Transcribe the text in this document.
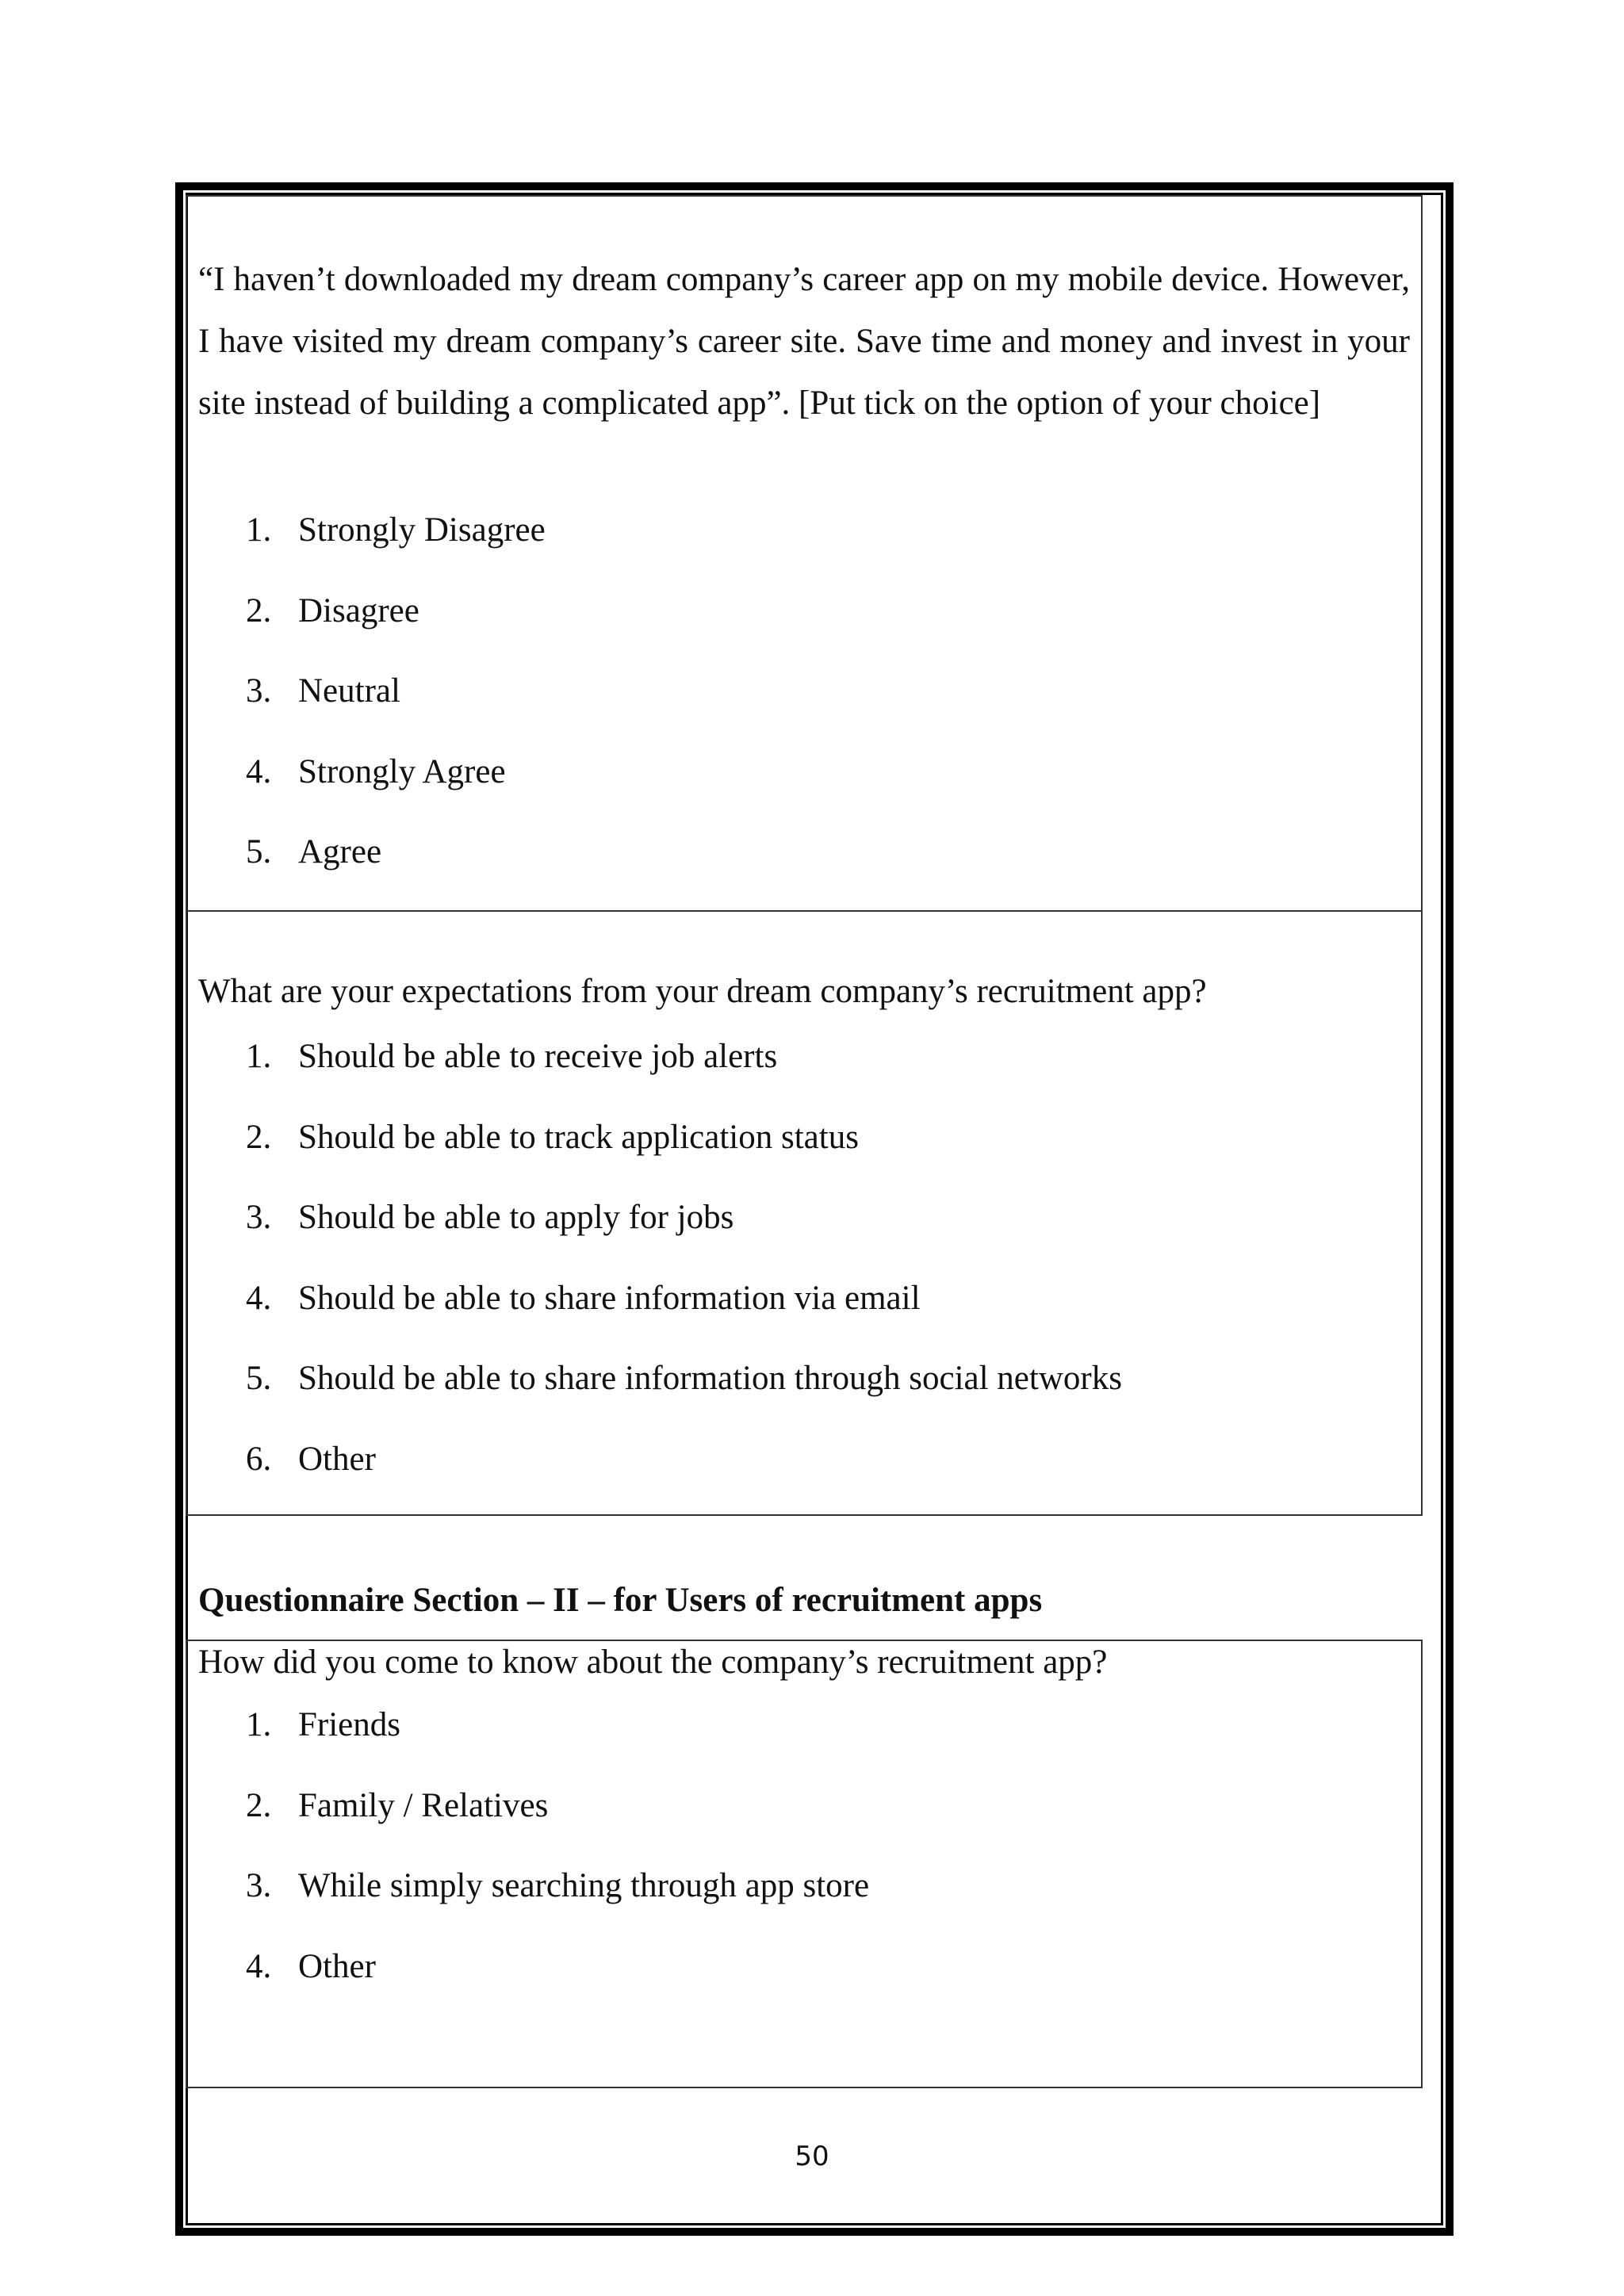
“I haven’t downloaded my dream company’s career app on my mobile device. However, I have visited my dream company’s career site. Save time and money and invest in your site instead of building a complicated app”. [Put tick on the option of your choice]

1. Strongly Disagree
2. Disagree
3. Neutral
4. Strongly Agree
5. Agree

What are your expectations from your dream company’s recruitment app?

1. Should be able to receive job alerts
2. Should be able to track application status
3. Should be able to apply for jobs
4. Should be able to share information via email
5. Should be able to share information through social networks
6. Other

Questionnaire Section – II – for Users of recruitment apps

How did you come to know about the company’s recruitment app?

1. Friends
2. Family / Relatives
3. While simply searching through app store
4. Other
50
